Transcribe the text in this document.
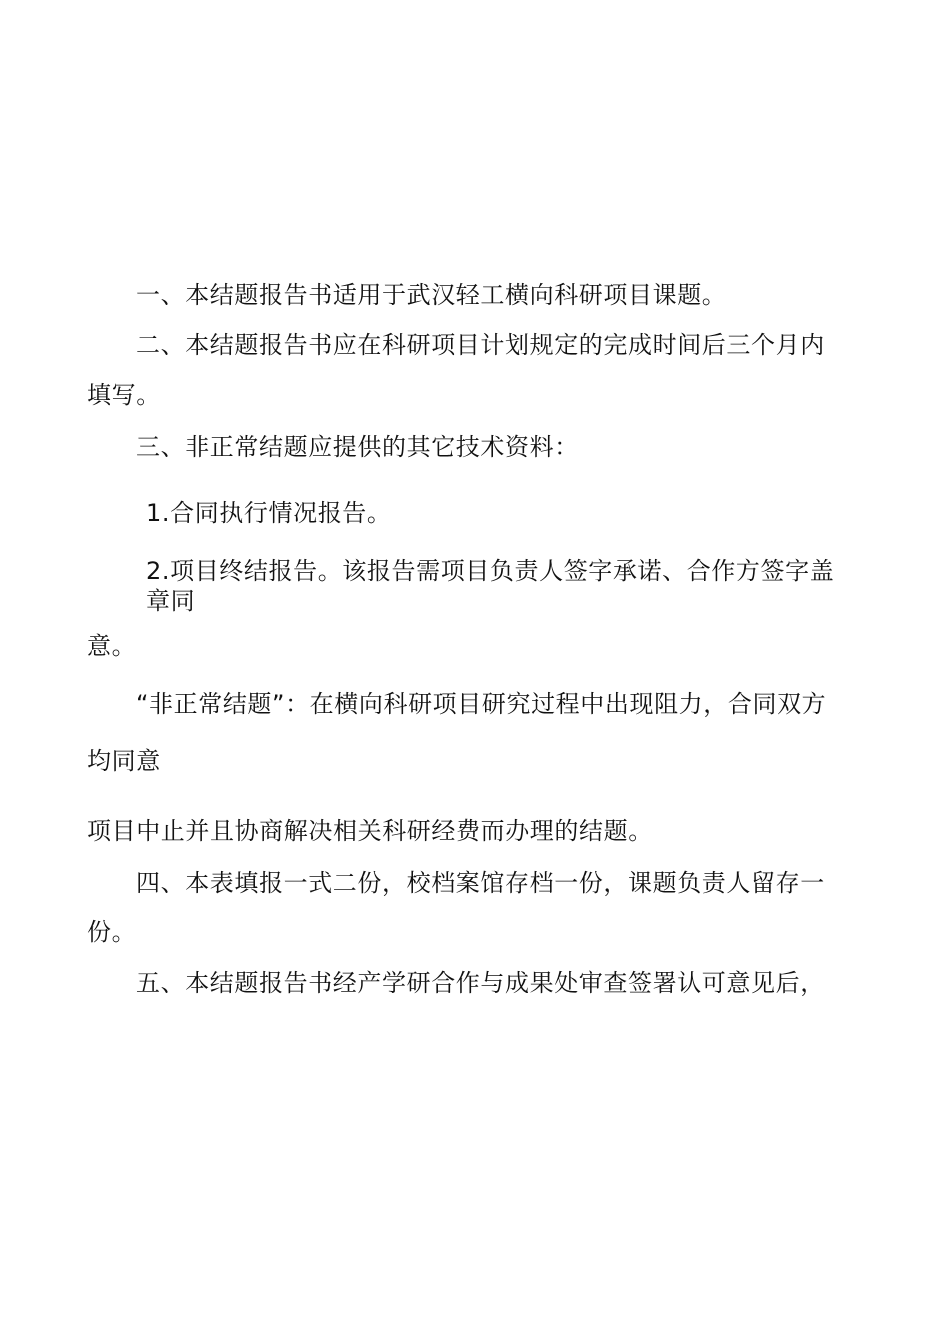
一、本结题报告书适用于武汉轻工横向科研项目课题。
二、本结题报告书应在科研项目计划规定的完成时间后三个月内
填写。
三、非正常结题应提供的其它技术资料：
1.合同执行情况报告。
2.项目终结报告。该报告需项目负责人签字承诺、合作方签字盖
章同
意。
“非正常结题”：在横向科研项目研究过程中出现阻力，合同双方
均同意
项目中止并且协商解决相关科研经费而办理的结题。
四、本表填报一式二份，校档案馆存档一份，课题负责人留存一
份。
五、本结题报告书经产学研合作与成果处审查签署认可意见后，
